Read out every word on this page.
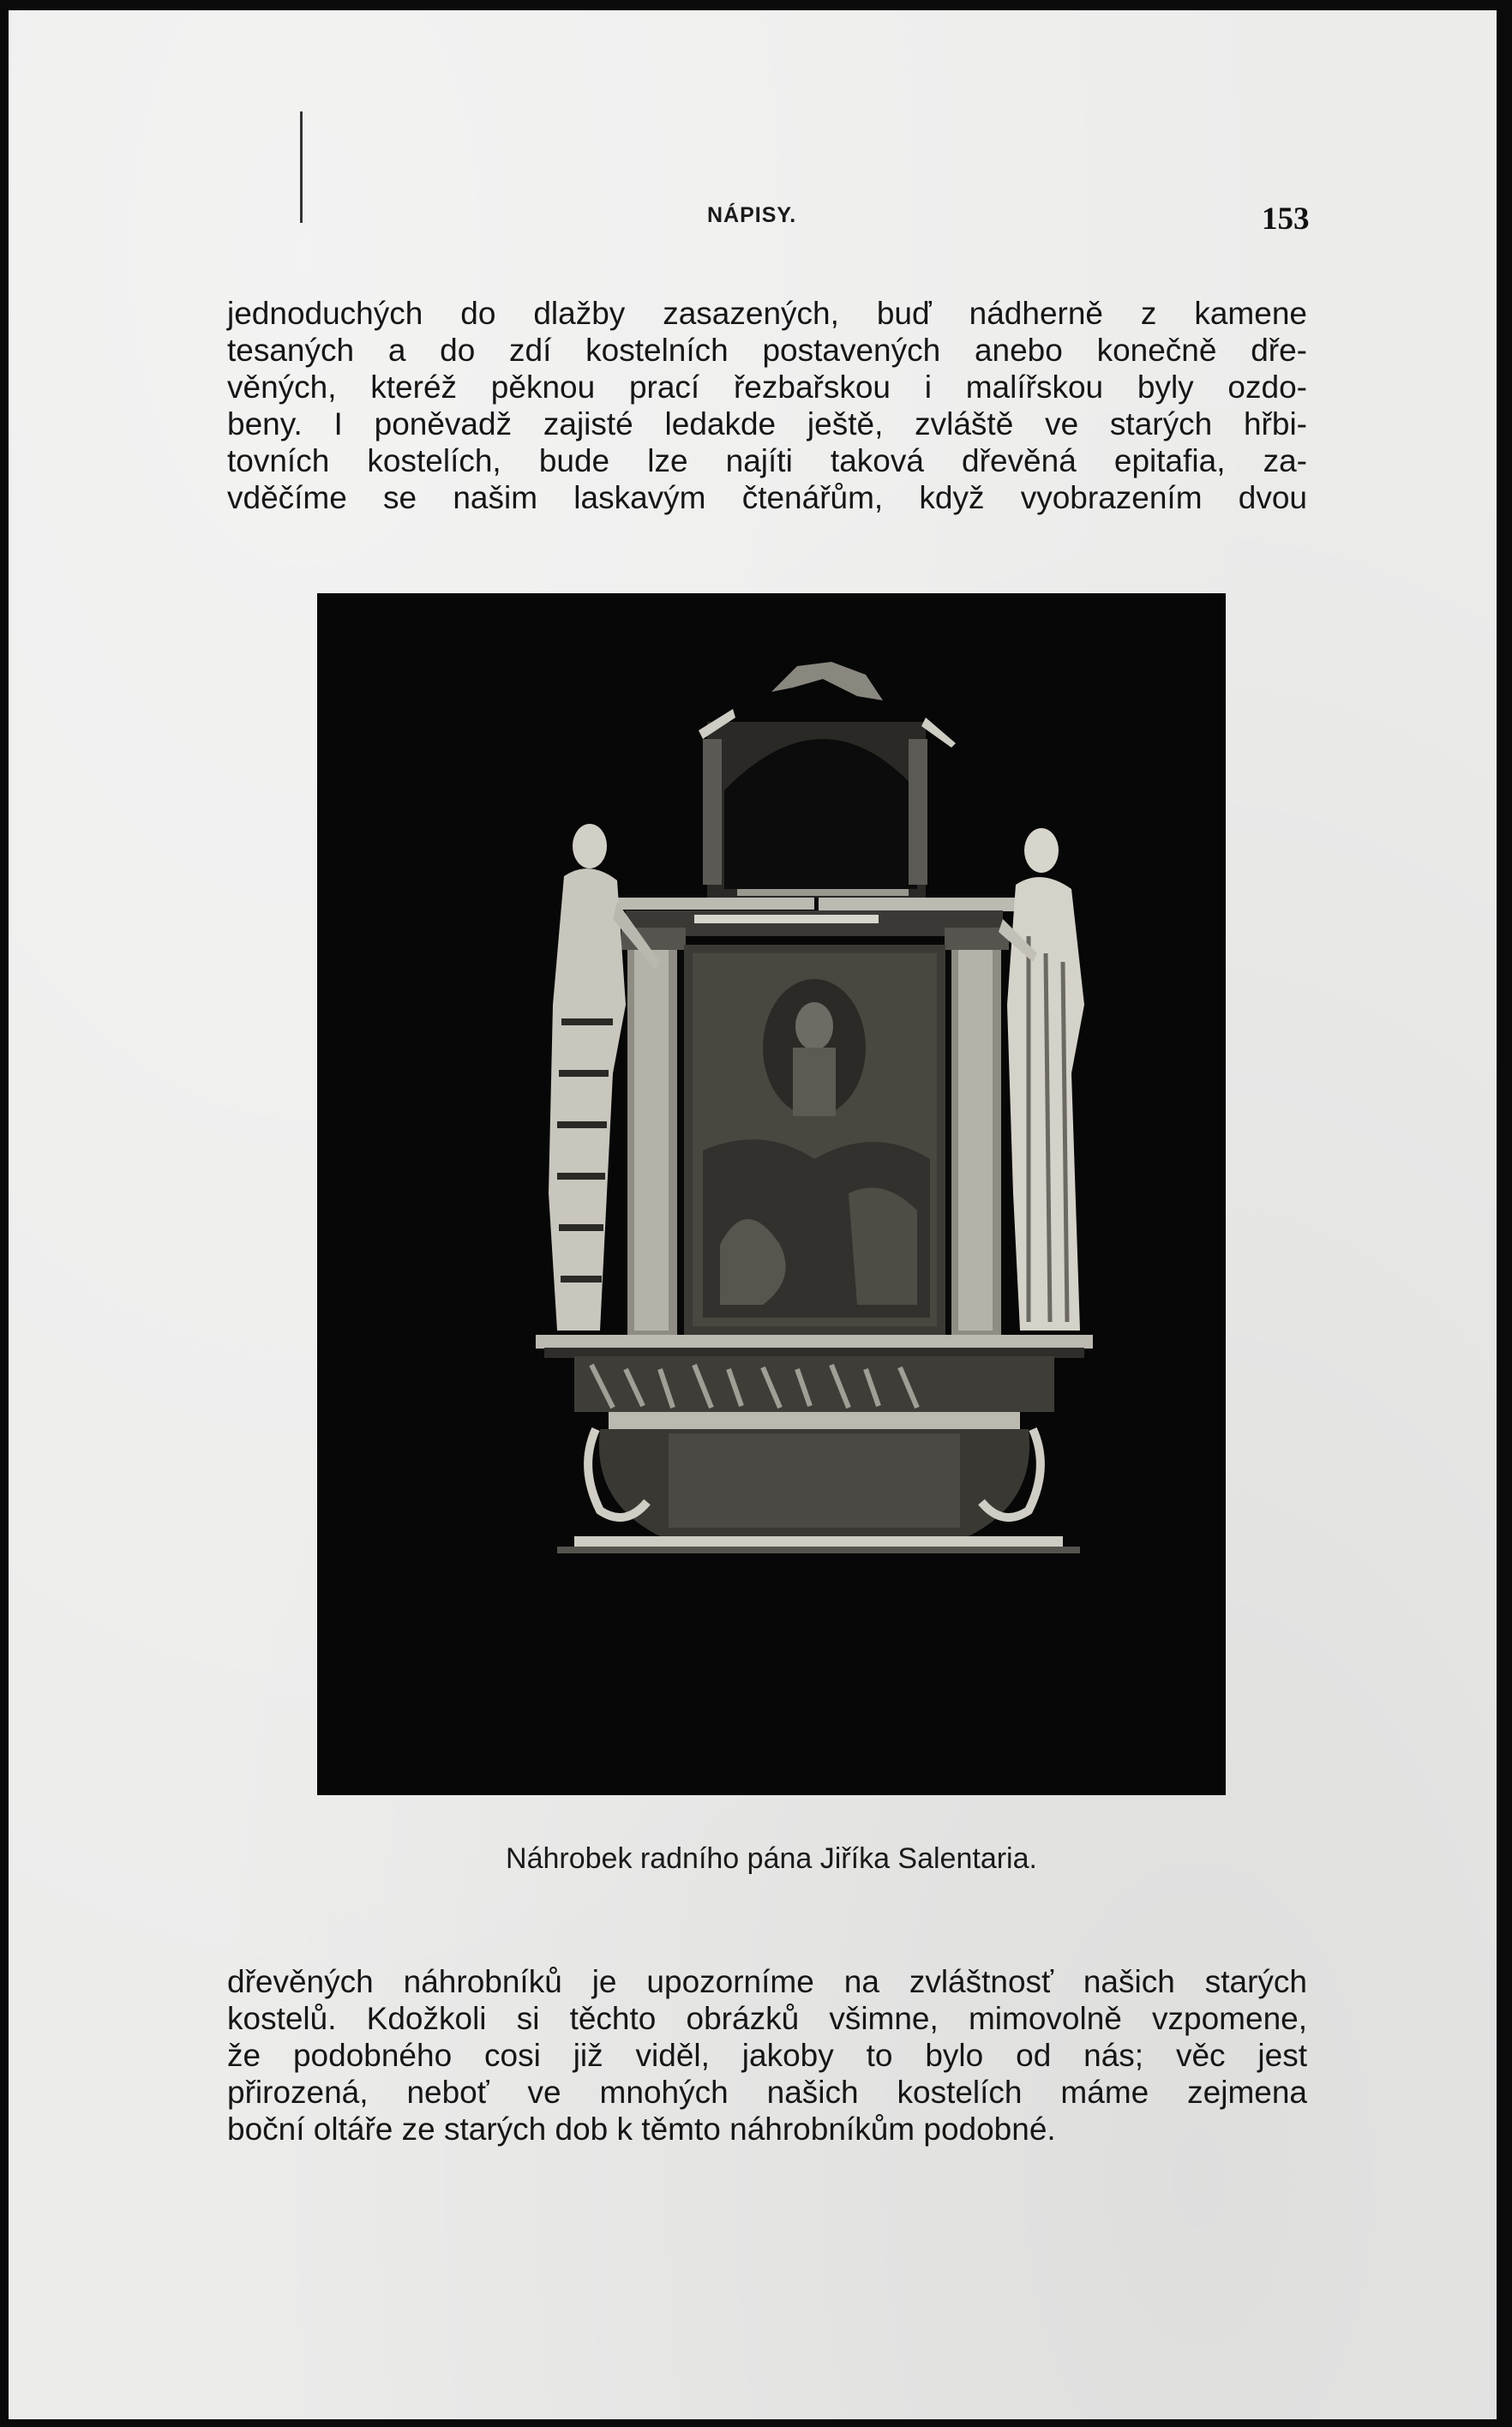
NÁPISY.	153
jednoduchých do dlažby zasazených, buď nádherně z kamene
tesaných a do zdí kostelních postavených anebo konečně dře-
věných, kteréž pěknou prací řezbařskou i malířskou byly ozdo-
beny. I poněvadž zajisté ledakde ještě, zvláště ve starých hřbi-
tovních kostelích, bude lze najíti taková dřevěná epitafia, za-
vděčíme se našim laskavým čtenářům, když vyobrazením dvou
Náhrobek radního pána Jiříka Salentaria.
dřevěných náhrobníků je upozorníme na zvláštnosť našich starých
kostelů. Kdožkoli si těchto obrázků všimne, mimovolně vzpomene,
že podobného cosi již viděl, jakoby to bylo od nás; věc jest
přirozená, neboť ve mnohých našich kostelích máme zejmena
boční oltáře ze starých dob k těmto náhrobníkům podobné.
